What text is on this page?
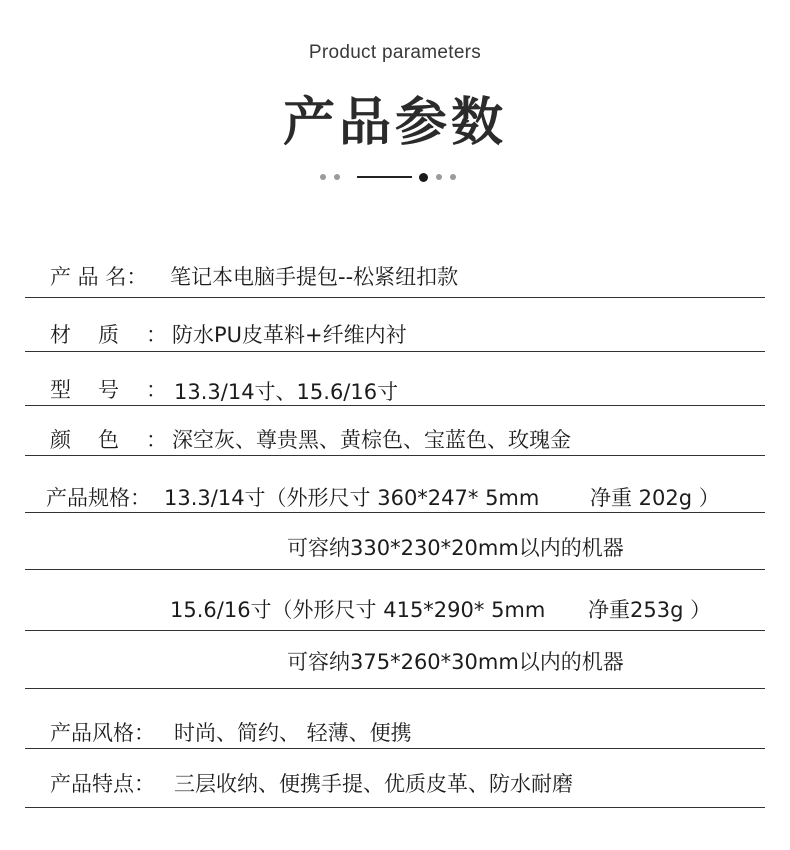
Product parameters
产品参数
产 品 名： 笔记本电脑手提包--松紧纽扣款
材 质 ： 防水PU皮革料+纤维内衬
型 号 ： 13.3/14寸、15.6/16寸
颜 色 ： 深空灰、尊贵黑、黄棕色、宝蓝色、玫瑰金
产品规格： 13.3/14寸（外形尺寸 360*247* 5mm 净重 202g ）
可容纳330*230*20mm以内的机器
15.6/16寸（外形尺寸 415*290* 5mm 净重253g ）
可容纳375*260*30mm以内的机器
产品风格： 时尚、简约、 轻薄、便携
产品特点： 三层收纳、便携手提、优质皮革、防水耐磨
